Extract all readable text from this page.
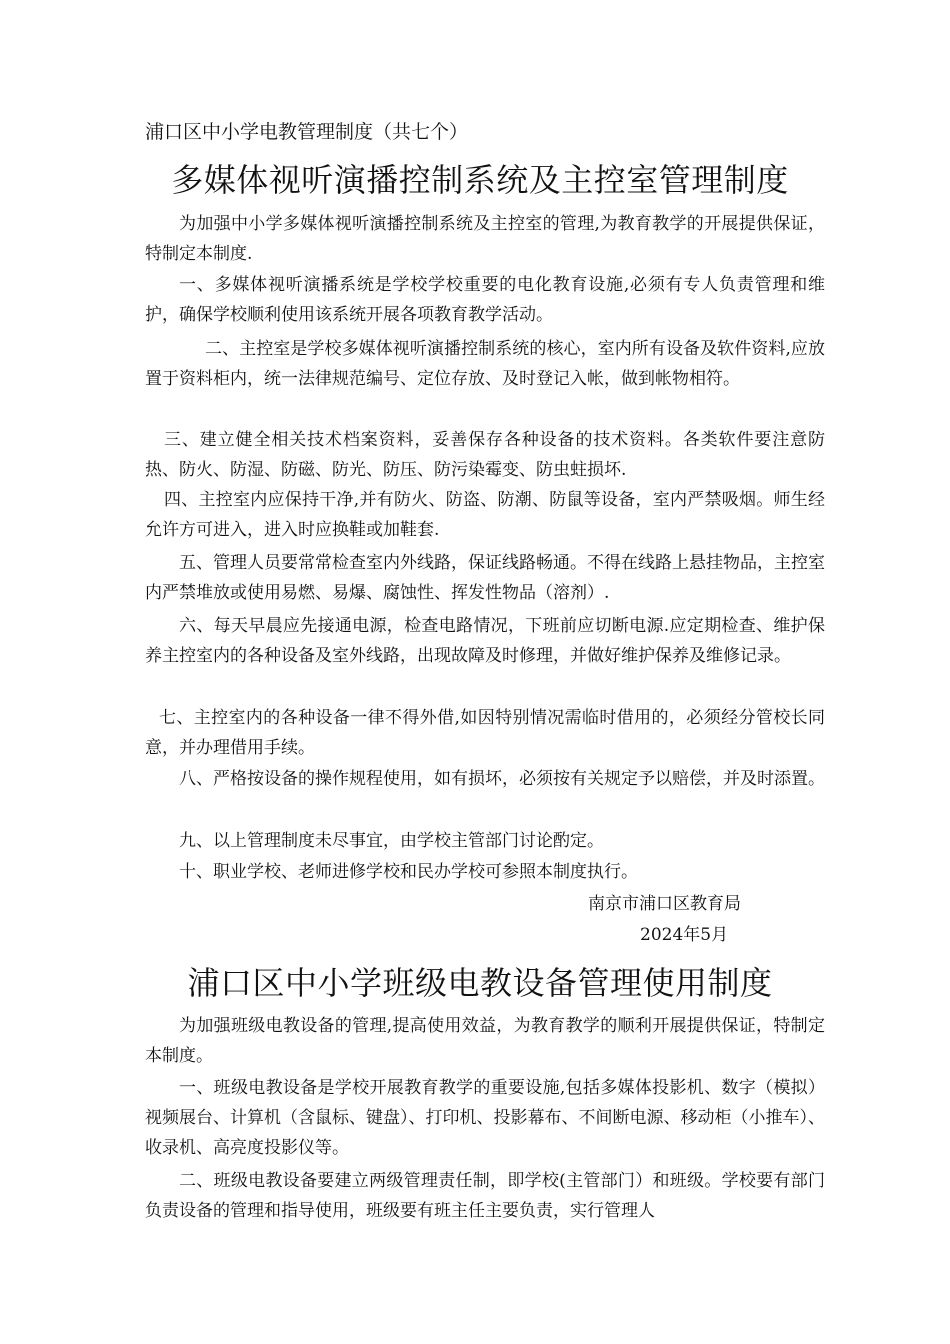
浦口区中小学电教管理制度（共七个）
多媒体视听演播控制系统及主控室管理制度

为加强中小学多媒体视听演播控制系统及主控室的管理,为教育教学的开展提供保证，特制定本制度.

一、多媒体视听演播系统是学校学校重要的电化教育设施,必须有专人负责管理和维护，确保学校顺利使用该系统开展各项教育教学活动。

二、主控室是学校多媒体视听演播控制系统的核心，室内所有设备及软件资料,应放置于资料柜内，统一法律规范编号、定位存放、及时登记入帐，做到帐物相符。

三、建立健全相关技术档案资料，妥善保存各种设备的技术资料。各类软件要注意防热、防火、防湿、防磁、防光、防压、防污染霉变、防虫蛀损坏.

四、主控室内应保持干净,并有防火、防盗、防潮、防鼠等设备，室内严禁吸烟。师生经允许方可进入，进入时应换鞋或加鞋套.

五、管理人员要常常检查室内外线路，保证线路畅通。不得在线路上悬挂物品，主控室内严禁堆放或使用易燃、易爆、腐蚀性、挥发性物品（溶剂）.

六、每天早晨应先接通电源，检查电路情况，下班前应切断电源.应定期检查、维护保养主控室内的各种设备及室外线路，出现故障及时修理，并做好维护保养及维修记录。

七、主控室内的各种设备一律不得外借,如因特别情况需临时借用的，必须经分管校长同意，并办理借用手续。

八、严格按设备的操作规程使用，如有损坏，必须按有关规定予以赔偿，并及时添置。

九、以上管理制度未尽事宜，由学校主管部门讨论酌定。

十、职业学校、老师进修学校和民办学校可参照本制度执行。

南京市浦口区教育局
2024年5月
浦口区中小学班级电教设备管理使用制度

为加强班级电教设备的管理,提高使用效益，为教育教学的顺利开展提供保证，特制定本制度。

一、班级电教设备是学校开展教育教学的重要设施,包括多媒体投影机、数字（模拟）视频展台、计算机（含鼠标、键盘）、打印机、投影幕布、不间断电源、移动柜（小推车）、收录机、高亮度投影仪等。

二、班级电教设备要建立两级管理责任制，即学校(主管部门）和班级。学校要有部门负责设备的管理和指导使用，班级要有班主任主要负责，实行管理人
